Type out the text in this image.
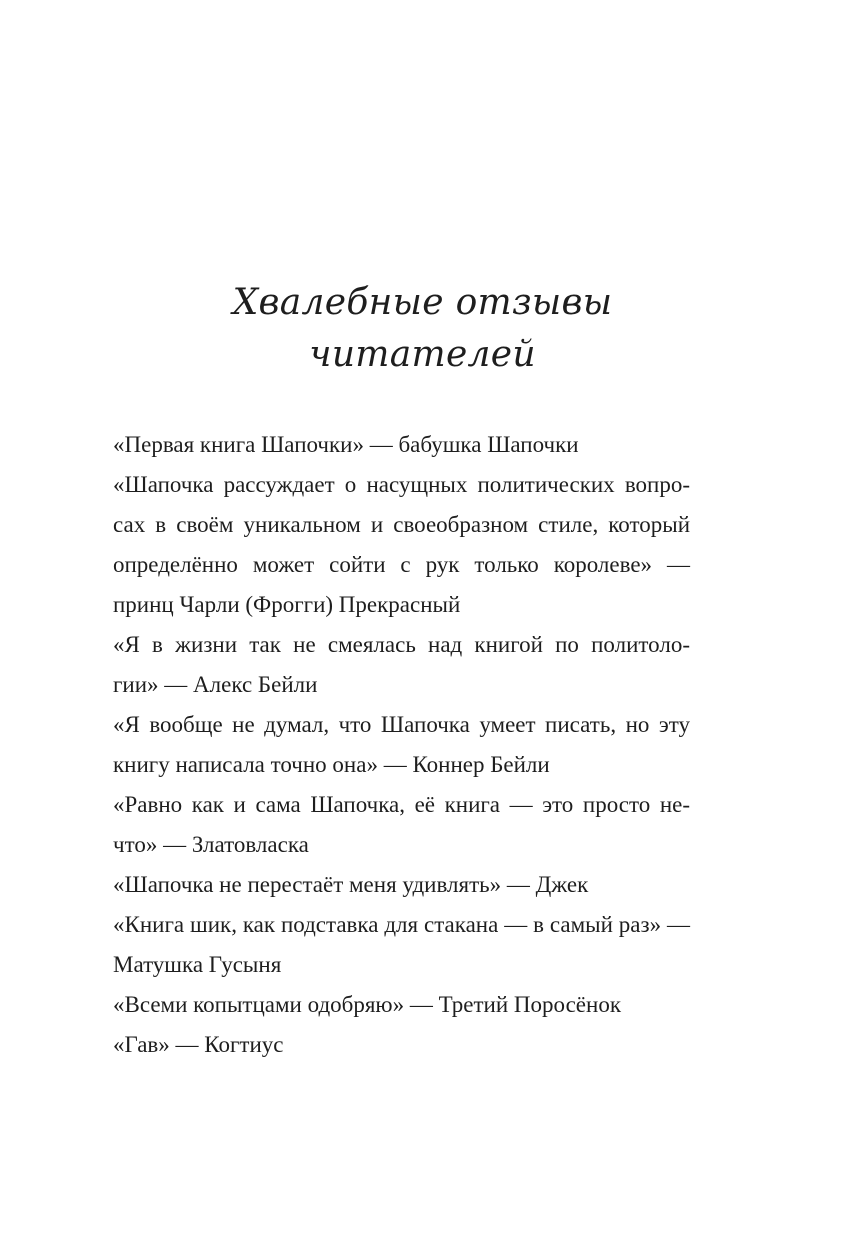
Хвалебные отзывы
читателей
«Первая книга Шапочки» — бабушка Шапочки
«Шапочка рассуждает о насущных политических вопро-
сах в своём уникальном и своеобразном стиле, который
определённо может сойти с рук только королеве» —
принц Чарли (Фрогги) Прекрасный
«Я в жизни так не смеялась над книгой по политоло-
гии» — Алекс Бейли
«Я вообще не думал, что Шапочка умеет писать, но эту
книгу написала точно она» — Коннер Бейли
«Равно как и сама Шапочка, её книга — это просто не-
что» — Златовласка
«Шапочка не перестаёт меня удивлять» — Джек
«Книга шик, как подставка для стакана — в самый раз» —
Матушка Гусыня
«Всеми копытцами одобряю» — Третий Поросёнок
«Гав» — Когтиус
